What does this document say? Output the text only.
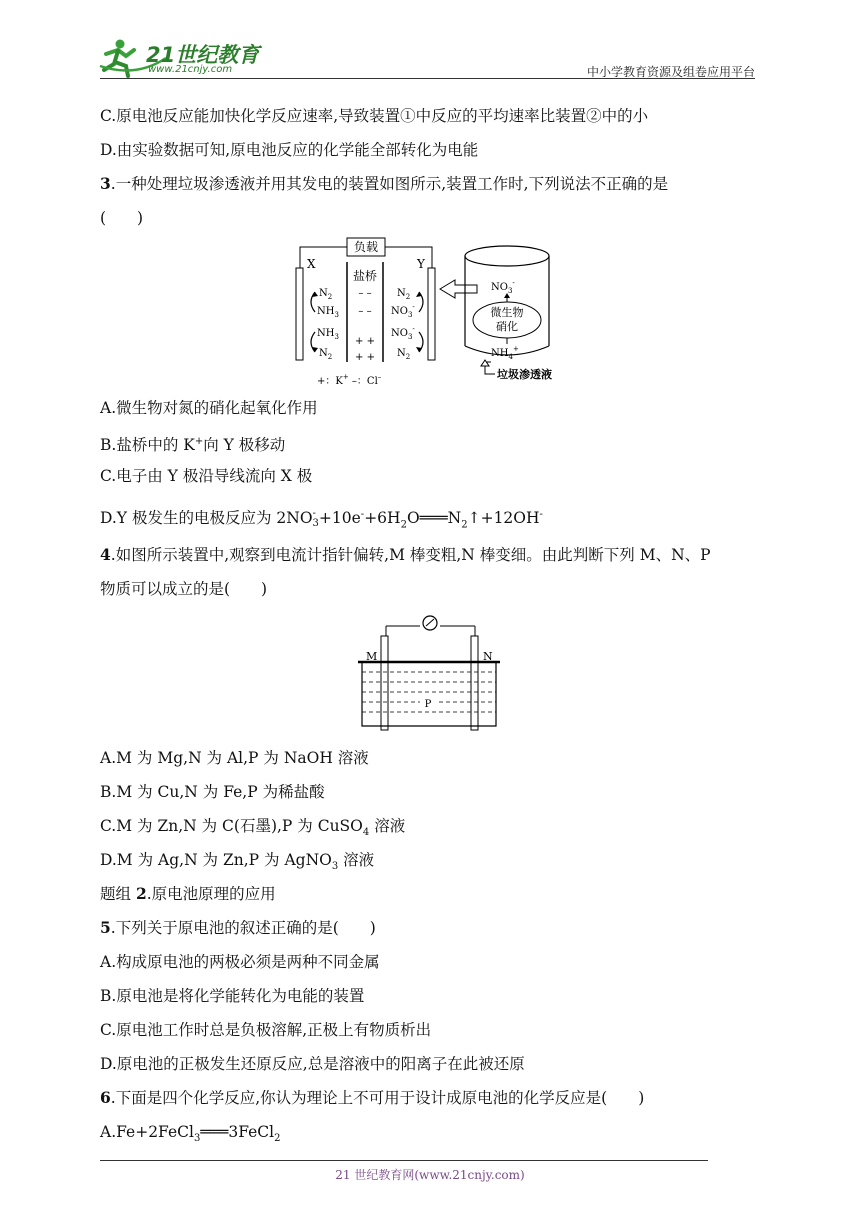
21世纪教育
www.21cnjy.com	中小学教育资源及组卷应用平台
C.原电池反应能加快化学反应速率,导致装置①中反应的平均速率比装置②中的小
D.由实验数据可知,原电池反应的化学能全部转化为电能
3.一种处理垃圾渗透液并用其发电的装置如图所示,装置工作时,下列说法不正确的是
(　　)
负载
X	Y
盐桥
– –
– –
+ +
+ +
$N_2$
$NH_3$
$NH_3$
$N_2$
$N_2$
$NO_3^-$
$NO_3^-$
$N_2$
+：K+ –：Cl–
$NO_3^-$
微生物
硝化
$NH_4^+$
垃圾渗透液
A.微生物对氮的硝化起氧化作用
B.盐桥中的 K+向 Y 极移动
C.电子由 Y 极沿导线流向 X 极
D.Y 极发生的电极反应为 2NO -
$3 +10e^-+6H_2O═══N_2↑+12OH^-$
4.如图所示装置中,观察到电流计指针偏转,M 棒变粗,N 棒变细。由此判断下列 M、N、P
物质可以成立的是(　　)
M	N
P
A.M 为 Mg,N 为 Al,P 为 NaOH 溶液
B.M 为 Cu,N 为 Fe,P 为稀盐酸
C.M 为 Zn,N 为 C(石墨),P 为 CuSO$_4$ 溶液
D.M 为 Ag,N 为 Zn,P 为 AgNO$_3$ 溶液
题组 2.原电池原理的应用
5.下列关于原电池的叙述正确的是(　　)
A.构成原电池的两极必须是两种不同金属
B.原电池是将化学能转化为电能的装置
C.原电池工作时总是负极溶解,正极上有物质析出
D.原电池的正极发生还原反应,总是溶液中的阳离子在此被还原
6.下面是四个化学反应,你认为理论上不可用于设计成原电池的化学反应是(　　)
A.Fe+2FeCl$_3$═══3FeCl$_2$
21 世纪教育网(www.21cnjy.com)
